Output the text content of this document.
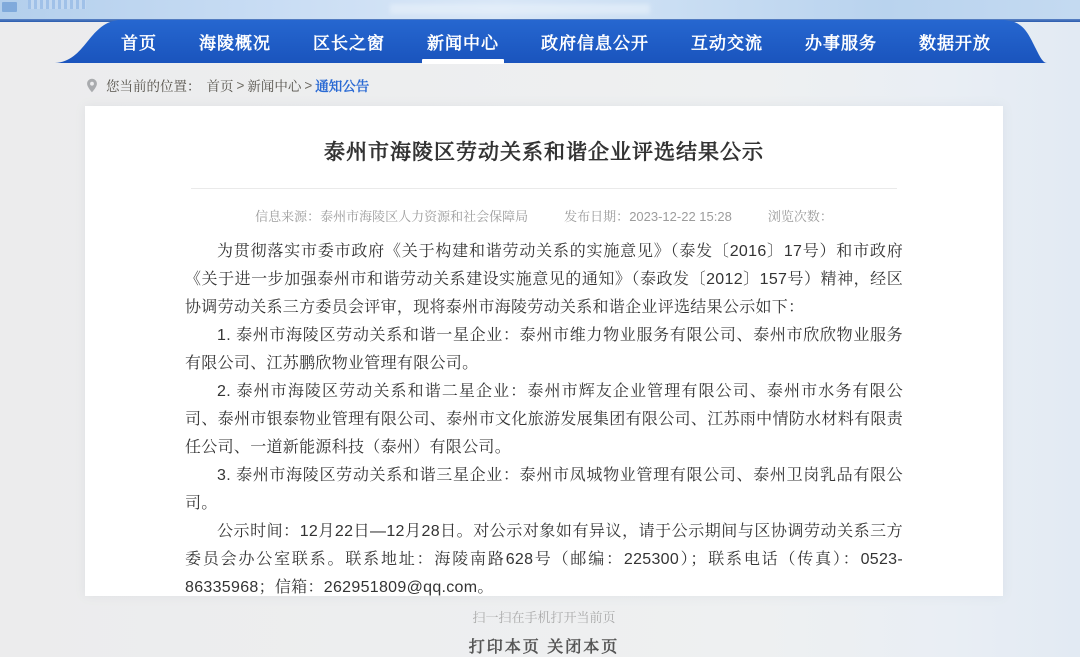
首页	海陵概况	区长之窗	新闻中心	政府信息公开	互动交流	办事服务	数据开放
您当前的位置： 首页 > 新闻中心 > 通知公告
泰州市海陵区劳动关系和谐企业评选结果公示
信息来源：泰州市海陵区人力资源和社会保障局	发布日期：2023-12-22 15:28	浏览次数：

为贯彻落实市委市政府《关于构建和谐劳动关系的实施意见》（泰发〔2016〕17号）和市政府《关于进一步加强泰州市和谐劳动关系建设实施意见的通知》（泰政发〔2012〕157号）精神，经区协调劳动关系三方委员会评审，现将泰州市海陵劳动关系和谐企业评选结果公示如下：

1. 泰州市海陵区劳动关系和谐一星企业：泰州市维力物业服务有限公司、泰州市欣欣物业服务有限公司、江苏鹏欣物业管理有限公司。

2. 泰州市海陵区劳动关系和谐二星企业：泰州市辉友企业管理有限公司、泰州市水务有限公司、泰州市银泰物业管理有限公司、泰州市文化旅游发展集团有限公司、江苏雨中情防水材料有限责任公司、一道新能源科技（泰州）有限公司。

3. 泰州市海陵区劳动关系和谐三星企业：泰州市凤城物业管理有限公司、泰州卫岗乳品有限公司。

公示时间：12月22日—12月28日。对公示对象如有异议，请于公示期间与区协调劳动关系三方委员会办公室联系。联系地址：海陵南路628号（邮编：225300）；联系电话（传真）：0523-86335968；信箱：262951809@qq.com。

扫一扫在手机打开当前页
打印本页 关闭本页
